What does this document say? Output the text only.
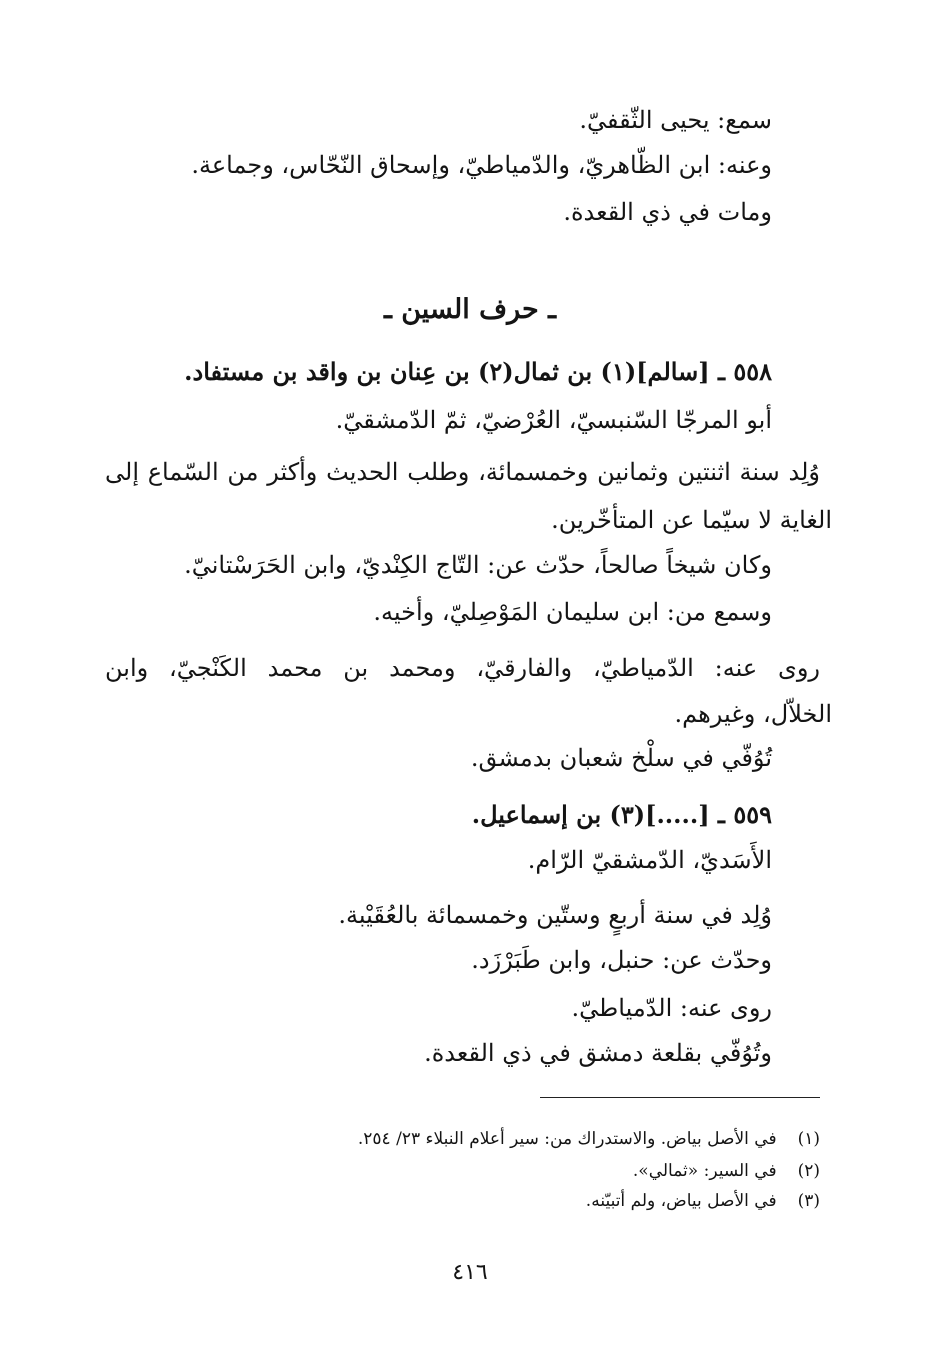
سمع: يحيى الثّقفيّ.

وعنه: ابن الظّاهريّ، والدّمياطيّ، وإسحاق النّحّاس، وجماعة.

ومات في ذي القعدة.

ـ حرف السين ـ

٥٥٨ ـ [سالم](١) بن ثمال(٢) بن عِنان بن واقد بن مستفاد.

أبو المرجّا السّنبسيّ، العُرْضيّ، ثمّ الدّمشقيّ.

وُلِد سنة اثنتين وثمانين وخمسمائة، وطلب الحديث وأكثر من السّماع إلى

الغاية لا سيّما عن المتأخّرين.

وكان شيخاً صالحاً، حدّث عن: التّاج الكِنْديّ، وابن الحَرَسْتانيّ.

وسمع من: ابن سليمان المَوْصِليّ، وأخيه.

روى عنه: الدّمياطيّ، والفارقيّ، ومحمد بن محمد الكَنْجيّ، وابن

الخلاّل، وغيرهم.

تُوُفّي في سلْخ شعبان بدمشق.

٥٥٩ ـ [.....](٣) بن إسماعيل.

الأَسَديّ، الدّمشقيّ الرّام.

وُلِد في سنة أربعٍ وستّين وخمسمائة بالعُقَيْبة.

وحدّث عن: حنبل، وابن طَبَرْزَد.

روى عنه: الدّمياطيّ.

وتُوُفّي بقلعة دمشق في ذي القعدة.

(١) في الأصل بياض. والاستدراك من: سير أعلام النبلاء ٢٣/ ٢٥٤.
(٢) في السير: «ثمالي».
(٣) في الأصل بياض، ولم أتبيّنه.
٤١٦
